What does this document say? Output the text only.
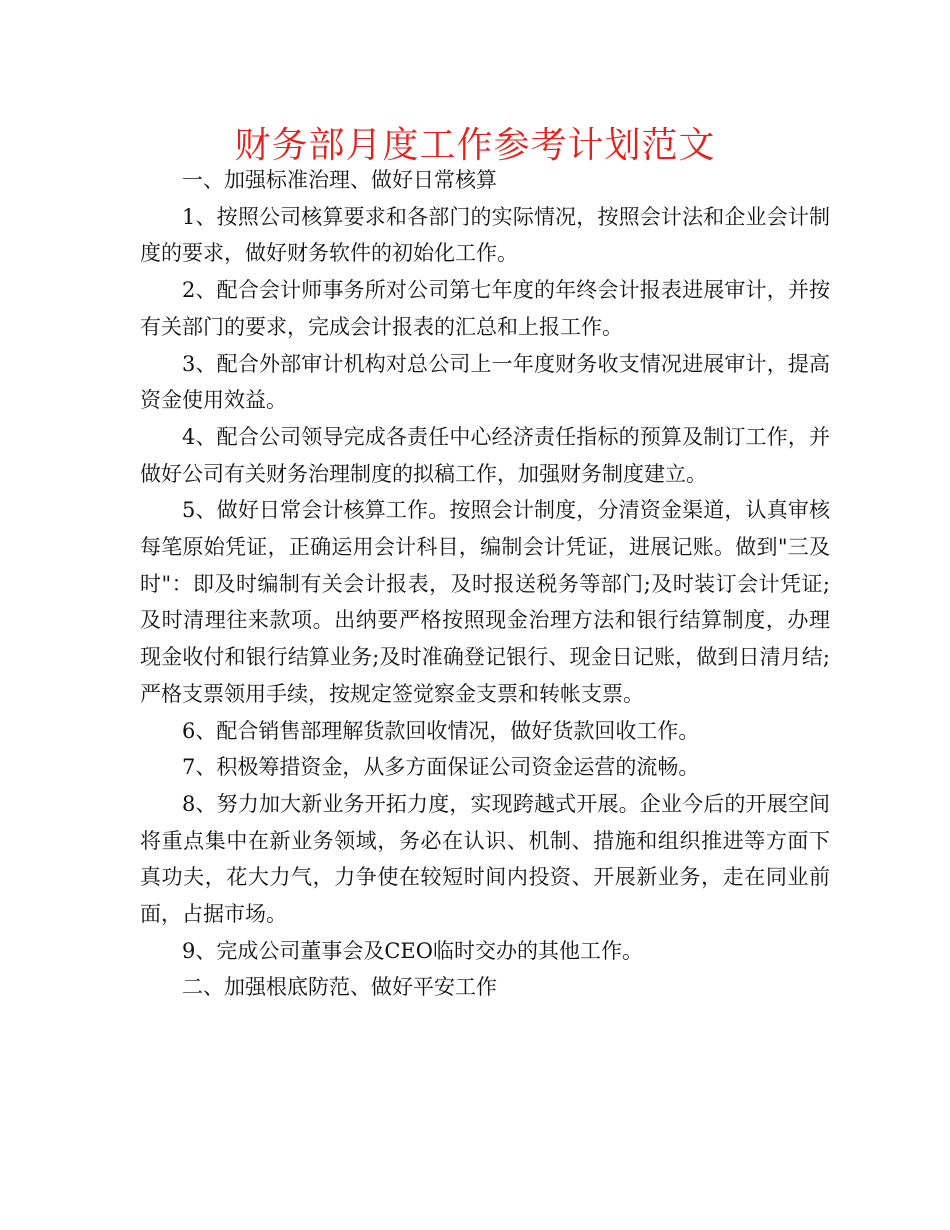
财务部月度工作参考计划范文

一、加强标准治理、做好日常核算

1、按照公司核算要求和各部门的实际情况，按照会计法和企业会计制度的要求，做好财务软件的初始化工作。

2、配合会计师事务所对公司第七年度的年终会计报表进展审计，并按有关部门的要求，完成会计报表的汇总和上报工作。

3、配合外部审计机构对总公司上一年度财务收支情况进展审计，提高资金使用效益。

4、配合公司领导完成各责任中心经济责任指标的预算及制订工作，并做好公司有关财务治理制度的拟稿工作，加强财务制度建立。

5、做好日常会计核算工作。按照会计制度，分清资金渠道，认真审核每笔原始凭证，正确运用会计科目，编制会计凭证，进展记账。做到"三及时"：即及时编制有关会计报表，及时报送税务等部门;及时装订会计凭证;及时清理往来款项。出纳要严格按照现金治理方法和银行结算制度，办理现金收付和银行结算业务;及时准确登记银行、现金日记账，做到日清月结;严格支票领用手续，按规定签觉察金支票和转帐支票。

6、配合销售部理解货款回收情况，做好货款回收工作。

7、积极筹措资金，从多方面保证公司资金运营的流畅。

8、努力加大新业务开拓力度，实现跨越式开展。企业今后的开展空间将重点集中在新业务领域，务必在认识、机制、措施和组织推进等方面下真功夫，花大力气，力争使在较短时间内投资、开展新业务，走在同业前面，占据市场。

9、完成公司董事会及CEO临时交办的其他工作。

二、加强根底防范、做好平安工作
